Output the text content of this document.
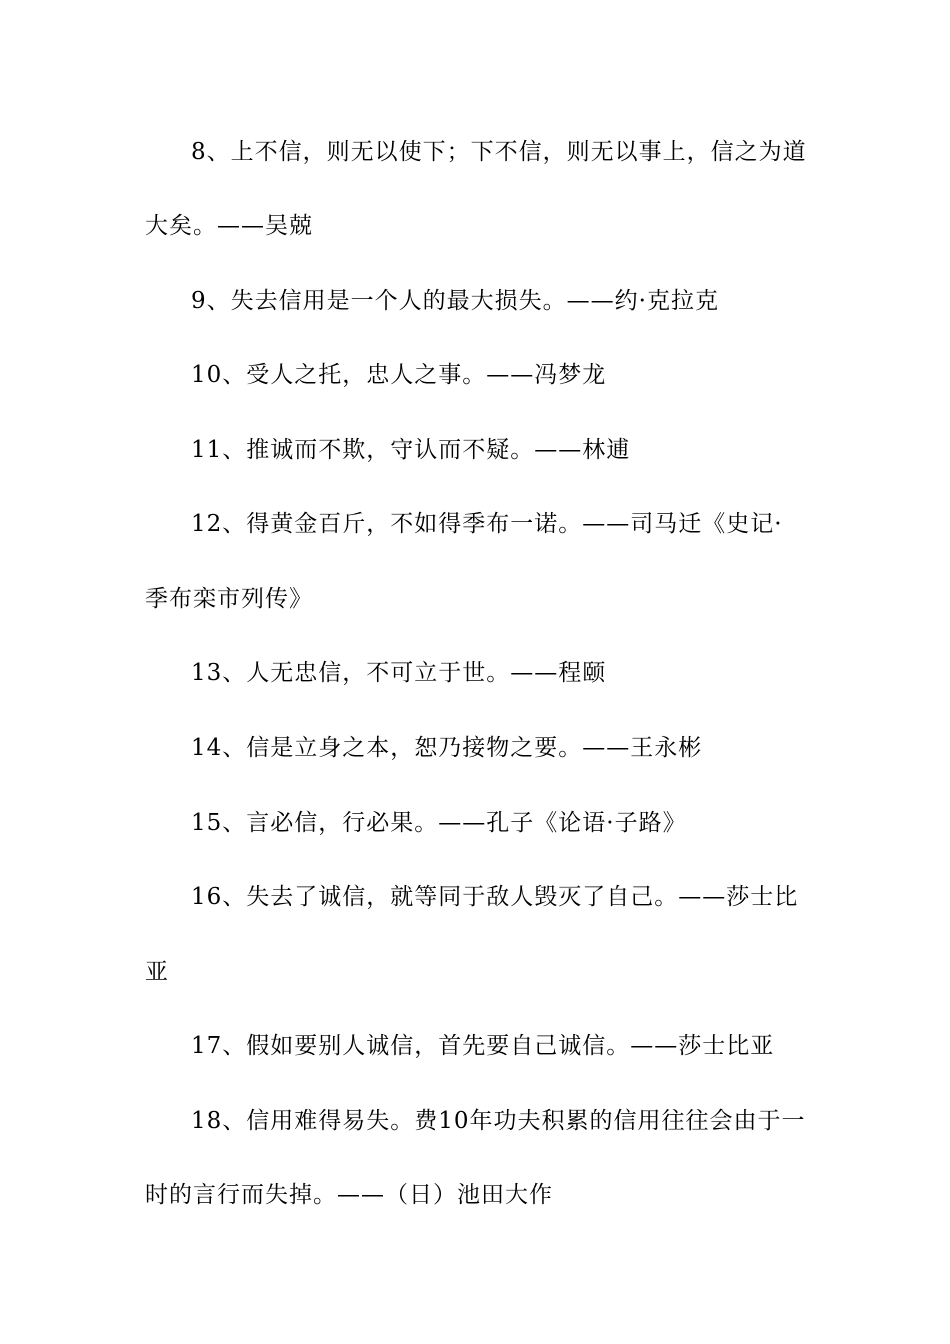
8、上不信，则无以使下；下不信，则无以事上，信之为道
大矣。——吴兢
9、失去信用是一个人的最大损失。——约·克拉克
10、受人之托，忠人之事。——冯梦龙
11、推诚而不欺，守认而不疑。——林逋
12、得黄金百斤，不如得季布一诺。——司马迁《史记·
季布栾市列传》
13、人无忠信，不可立于世。——程颐
14、信是立身之本，恕乃接物之要。——王永彬
15、言必信，行必果。——孔子《论语·子路》
16、失去了诚信，就等同于敌人毁灭了自己。——莎士比
亚
17、假如要别人诚信，首先要自己诚信。——莎士比亚
18、信用难得易失。费10年功夫积累的信用往往会由于一
时的言行而失掉。——（日）池田大作
